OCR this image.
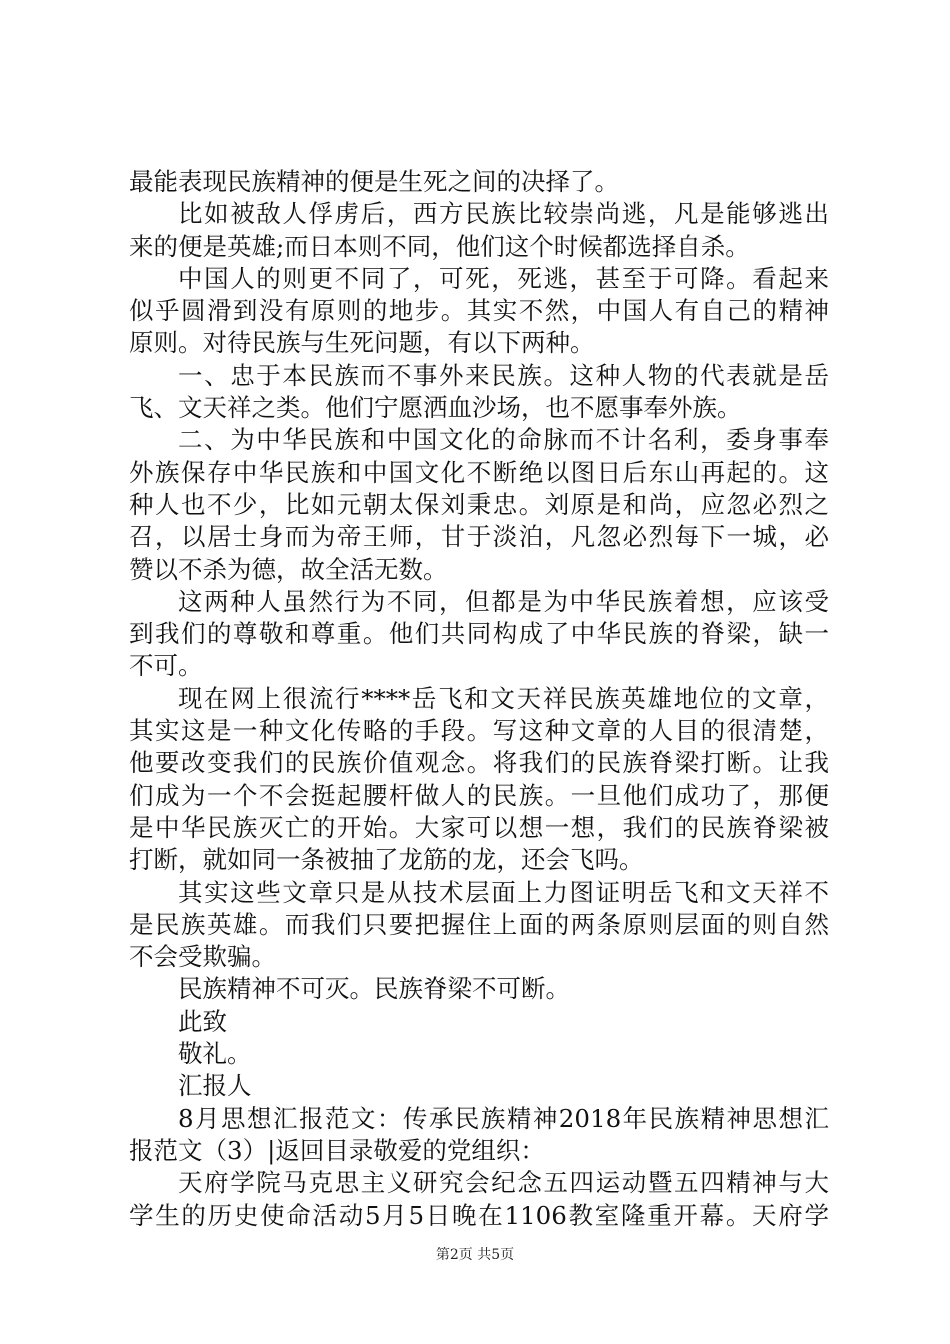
最能表现民族精神的便是生死之间的决择了。
比如被敌人俘虏后，西方民族比较崇尚逃，凡是能够逃出
来的便是英雄;而日本则不同，他们这个时候都选择自杀。
中国人的则更不同了，可死，死逃，甚至于可降。看起来
似乎圆滑到没有原则的地步。其实不然，中国人有自己的精神
原则。对待民族与生死问题，有以下两种。
一、忠于本民族而不事外来民族。这种人物的代表就是岳
飞、文天祥之类。他们宁愿洒血沙场，也不愿事奉外族。
二、为中华民族和中国文化的命脉而不计名利，委身事奉
外族保存中华民族和中国文化不断绝以图日后东山再起的。这
种人也不少，比如元朝太保刘秉忠。刘原是和尚，应忽必烈之
召，以居士身而为帝王师，甘于淡泊，凡忽必烈每下一城，必
赞以不杀为德，故全活无数。
这两种人虽然行为不同，但都是为中华民族着想，应该受
到我们的尊敬和尊重。他们共同构成了中华民族的脊梁，缺一
不可。
现在网上很流行****岳飞和文天祥民族英雄地位的文章，
其实这是一种文化传略的手段。写这种文章的人目的很清楚，
他要改变我们的民族价值观念。将我们的民族脊梁打断。让我
们成为一个不会挺起腰杆做人的民族。一旦他们成功了，那便
是中华民族灭亡的开始。大家可以想一想，我们的民族脊梁被
打断，就如同一条被抽了龙筋的龙，还会飞吗。
其实这些文章只是从技术层面上力图证明岳飞和文天祥不
是民族英雄。而我们只要把握住上面的两条原则层面的则自然
不会受欺骗。
民族精神不可灭。民族脊梁不可断。
此致
敬礼。
汇报人
8月思想汇报范文：传承民族精神2018年民族精神思想汇
报范文（3）|返回目录敬爱的党组织：
天府学院马克思主义研究会纪念五四运动暨五四精神与大
学生的历史使命活动5月5日晚在1106教室隆重开幕。天府学
第2页 共5页
